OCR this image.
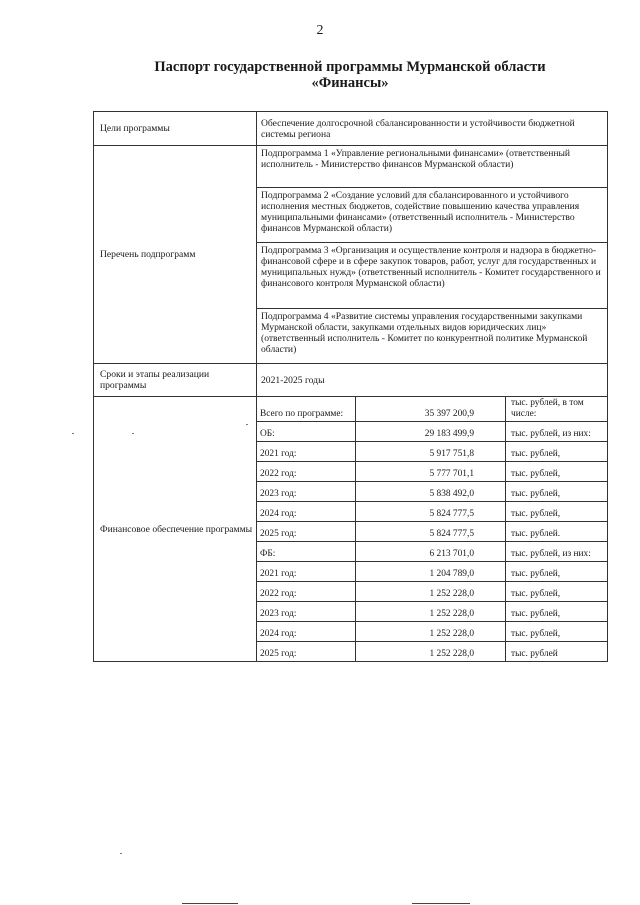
2
Паспорт государственной программы Мурманской области
«Финансы»
Цели программы	Обеспечение долгосрочной сбалансированности и устойчивости бюджетной системы региона
Перечень подпрограмм	Подпрограмма 1 «Управление региональными финансами» (ответственный исполнитель - Министерство финансов Мурманской области)
Подпрограмма 2 «Создание условий для сбалансированного и устойчивого исполнения местных бюджетов, содействие повышению качества управления муниципальными финансами» (ответственный исполнитель - Министерство финансов Мурманской области)
Подпрограмма 3 «Организация и осуществление контроля и надзора в бюджетно-финансовой сфере и в сфере закупок товаров, работ, услуг для государственных и муниципальных нужд» (ответственный исполнитель - Комитет государственного и финансового контроля Мурманской области)
Подпрограмма 4 «Развитие системы управления государственными закупками Мурманской области, закупками отдельных видов юридических лиц» (ответственный исполнитель - Комитет по конкурентной политике Мурманской области)
Сроки и этапы реализации программы	2021-2025 годы
Финансовое обеспечение программы	
Всего по программе:	35 397 200,9	тыс. рублей, в том числе:
ОБ:	29 183 499,9	тыс. рублей, из них:
2021 год:	5 917 751,8	тыс. рублей,
2022 год:	5 777 701,1	тыс. рублей,
2023 год:	5 838 492,0	тыс. рублей,
2024 год:	5 824 777,5	тыс. рублей,
2025 год:	5 824 777,5	тыс. рублей.
ФБ:	6 213 701,0	тыс. рублей, из них:
2021 год:	1 204 789,0	тыс. рублей,
2022 год:	1 252 228,0	тыс. рублей,
2023 год:	1 252 228,0	тыс. рублей,
2024 год:	1 252 228,0	тыс. рублей,
2025 год:	1 252 228,0	тыс. рублей
